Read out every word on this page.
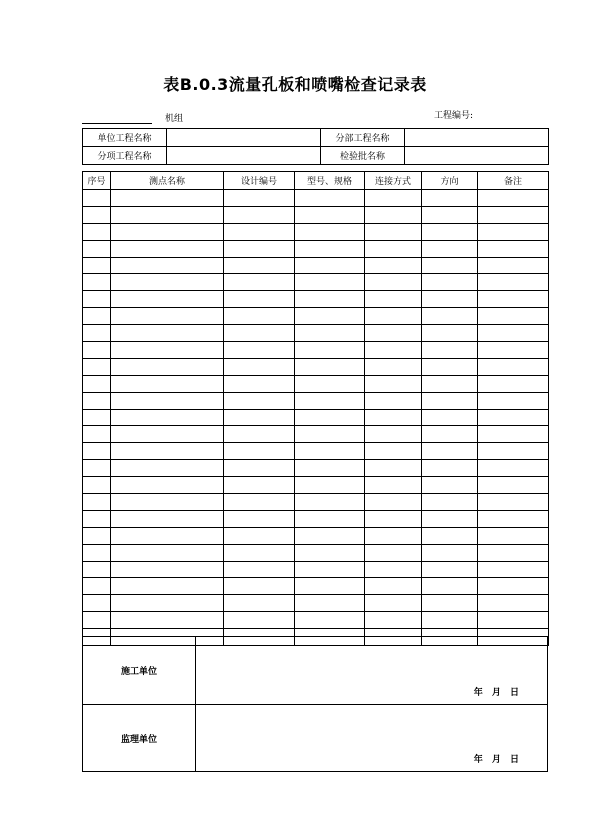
表B.0.3流量孔板和喷嘴检查记录表
机组	工程编号:
单位工程名称		分部工程名称	
分项工程名称		检验批名称	
序号	测点名称	设计编号	型号、规格	连接方式	方向	备注

施工单位
年 月 日
监理单位
年 月 日
